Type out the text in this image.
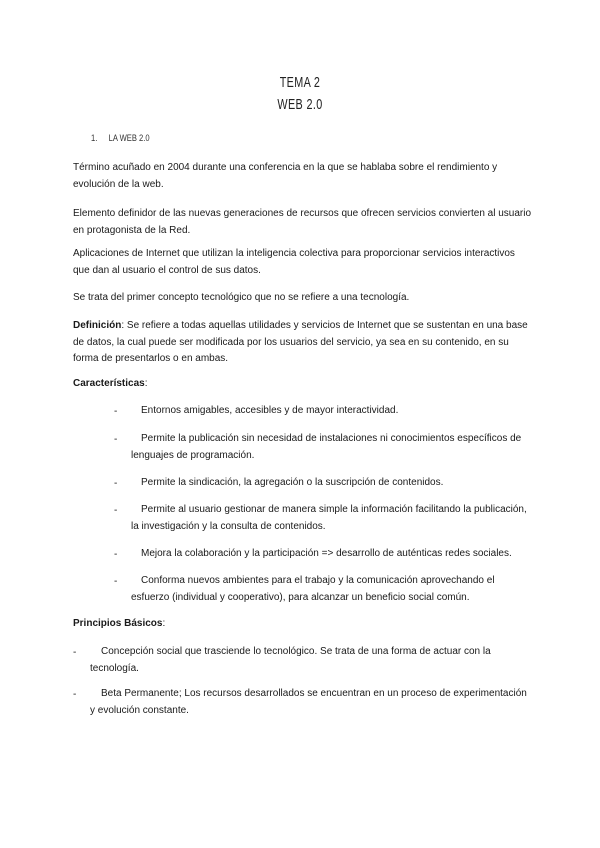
TEMA 2
WEB 2.0
1. LA WEB 2.0

Término acuñado en 2004 durante una conferencia en la que se hablaba sobre el rendimiento y evolución de la web.

Elemento definidor de las nuevas generaciones de recursos que ofrecen servicios convierten al usuario en protagonista de la Red.

Aplicaciones de Internet que utilizan la inteligencia colectiva para proporcionar servicios interactivos que dan al usuario el control de sus datos.

Se trata del primer concepto tecnológico que no se refiere a una tecnología.

Definición: Se refiere a todas aquellas utilidades y servicios de Internet que se sustentan en una base de datos, la cual puede ser modificada por los usuarios del servicio, ya sea en su contenido, en su forma de presentarlos o en ambas.

Características:

-	Entornos amigables, accesibles y de mayor interactividad.

-	Permite la publicación sin necesidad de instalaciones ni conocimientos específicos de lenguajes de programación.

-	Permite la sindicación, la agregación o la suscripción de contenidos.

-	Permite al usuario gestionar de manera simple la información facilitando la publicación, la investigación y la consulta de contenidos.

-	Mejora la colaboración y la participación => desarrollo de auténticas redes sociales.

-	Conforma nuevos ambientes para el trabajo y la comunicación aprovechando el esfuerzo (individual y cooperativo), para alcanzar un beneficio social común.

Principios Básicos:

-	Concepción social que trasciende lo tecnológico. Se trata de una forma de actuar con la tecnología.

-	Beta Permanente; Los recursos desarrollados se encuentran en un proceso de experimentación y evolución constante.
